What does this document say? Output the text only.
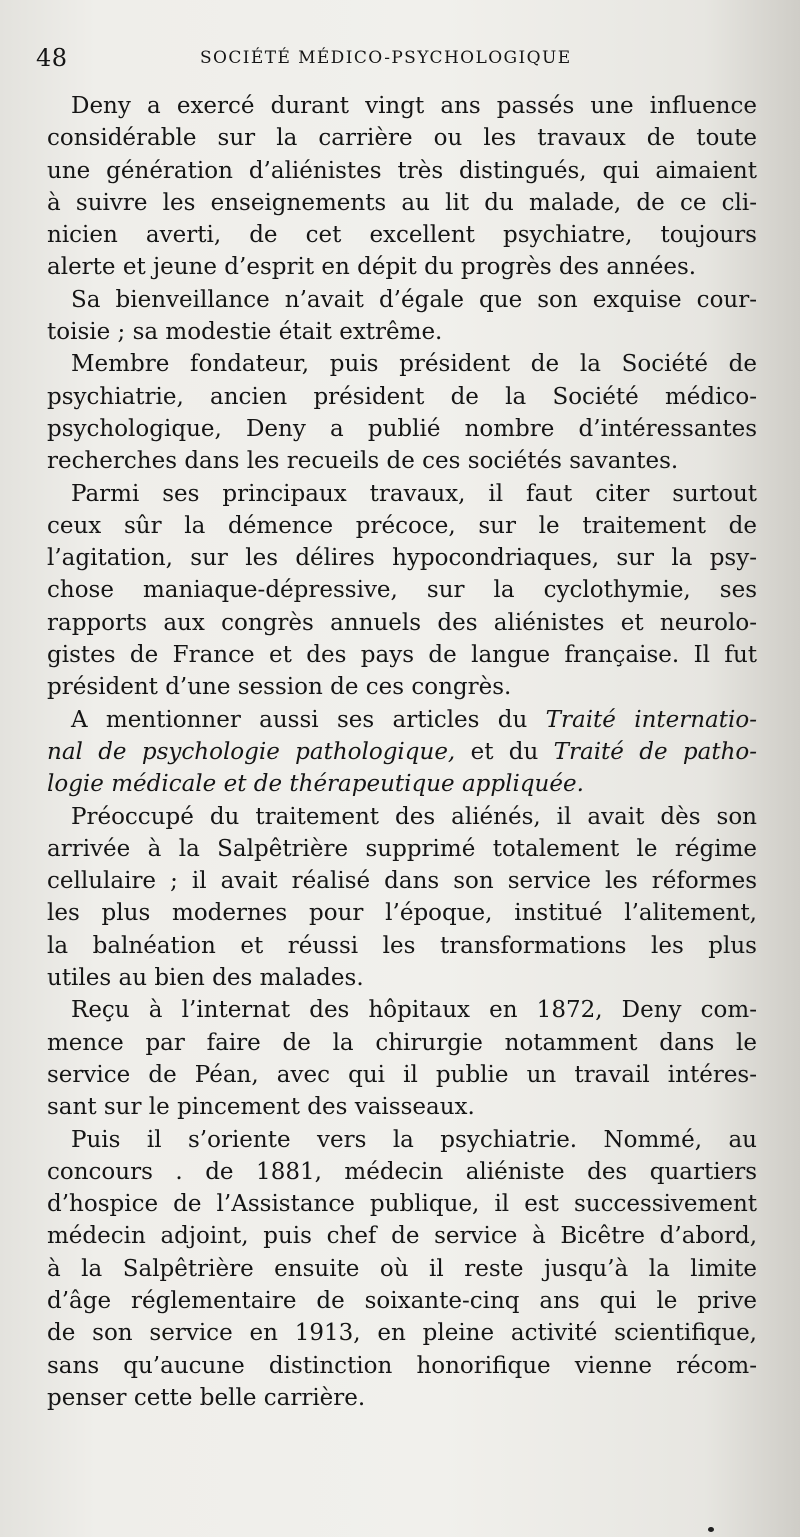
48	SOCIÉTÉ MÉDICO-PSYCHOLOGIQUE
Deny a exercé durant vingt ans passés une influence
considérable sur la carrière ou les travaux de toute
une génération d’aliénistes très distingués, qui aimaient
à suivre les enseignements au lit du malade, de ce cli-
nicien averti, de cet excellent psychiatre, toujours
alerte et jeune d’esprit en dépit du progrès des années.
Sa bienveillance n’avait d’égale que son exquise cour-
toisie ; sa modestie était extrême.
Membre fondateur, puis président de la Société de
psychiatrie, ancien président de la Société médico-
psychologique, Deny a publié nombre d’intéressantes
recherches dans les recueils de ces sociétés savantes.
Parmi ses principaux travaux, il faut citer surtout
ceux sûr la démence précoce, sur le traitement de
l’agitation, sur les délires hypocondriaques, sur la psy-
chose maniaque-dépressive, sur la cyclothymie, ses
rapports aux congrès annuels des aliénistes et neurolo-
gistes de France et des pays de langue française. Il fut
président d’une session de ces congrès.
A mentionner aussi ses articles du Traité internatio-
nal de psychologie pathologique, et du Traité de patho-
logie médicale et de thérapeutique appliquée.
Préoccupé du traitement des aliénés, il avait dès son
arrivée à la Salpêtrière supprimé totalement le régime
cellulaire ; il avait réalisé dans son service les réformes
les plus modernes pour l’époque, institué l’alitement,
la balnéation et réussi les transformations les plus
utiles au bien des malades.
Reçu à l’internat des hôpitaux en 1872, Deny com-
mence par faire de la chirurgie notamment dans le
service de Péan, avec qui il publie un travail intéres-
sant sur le pincement des vaisseaux.
Puis il s’oriente vers la psychiatrie. Nommé, au
concours . de 1881, médecin aliéniste des quartiers
d’hospice de l’Assistance publique, il est successivement
médecin adjoint, puis chef de service à Bicêtre d’abord,
à la Salpêtrière ensuite où il reste jusqu’à la limite
d’âge réglementaire de soixante-cinq ans qui le prive
de son service en 1913, en pleine activité scientifique,
sans qu’aucune distinction honorifique vienne récom-
penser cette belle carrière.
